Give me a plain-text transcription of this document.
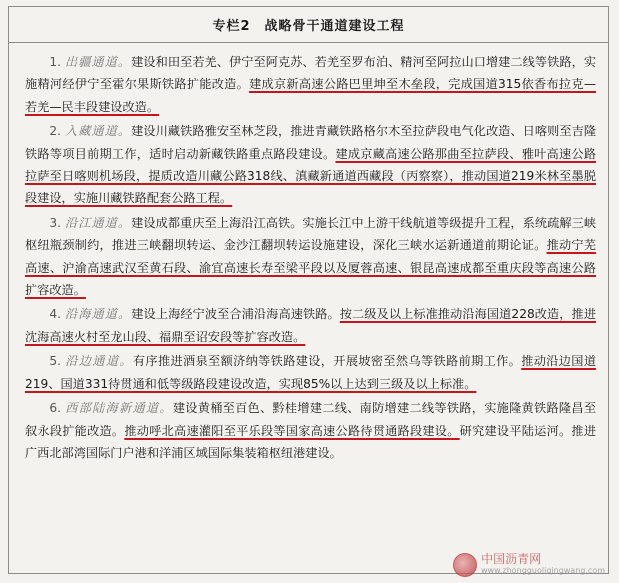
专栏2 战略骨干通道建设工程

1. 出疆通道。建设和田至若羌、伊宁至阿克苏、若羌至罗布泊、精河至阿拉山口增建二线等铁路，实施精河经伊宁至霍尔果斯铁路扩能改造。建成京新高速公路巴里坤至木垒段，完成国道315依香布拉克—若羌—民丰段建设改造。

2. 入藏通道。建设川藏铁路雅安至林芝段，推进青藏铁路格尔木至拉萨段电气化改造、日喀则至吉隆铁路等项目前期工作，适时启动新藏铁路重点路段建设。建成京藏高速公路那曲至拉萨段、雅叶高速公路拉萨至日喀则机场段，提质改造川藏公路318线、滇藏新通道西藏段（丙察察），推动国道219米林至墨脱段建设，实施川藏铁路配套公路工程。

3. 沿江通道。建设成都重庆至上海沿江高铁。实施长江中上游干线航道等级提升工程，系统疏解三峡枢纽瓶颈制约，推进三峡翻坝转运、金沙江翻坝转运设施建设，深化三峡水运新通道前期论证。推动宁芜高速、沪渝高速武汉至黄石段、渝宜高速长寿至梁平段以及厦蓉高速、银昆高速成都至重庆段等高速公路扩容改造。

4. 沿海通道。建设上海经宁波至合浦沿海高速铁路。按二级及以上标准推动沿海国道228改造，推进沈海高速火村至龙山段、福鼎至诏安段等扩容改造。

5. 沿边通道。有序推进酒泉至额济纳等铁路建设，开展坡密至然乌等铁路前期工作。推动沿边国道219、国道331待贯通和低等级路段建设改造，实现85%以上达到三级及以上标准。

6. 西部陆海新通道。建设黄桶至百色、黔桂增建二线、南防增建二线等铁路，实施隆黄铁路隆昌至叙永段扩能改造。推动呼北高速灌阳至平乐段等国家高速公路待贯通路段建设。研究建设平陆运河。推进广西北部湾国际门户港和洋浦区域国际集装箱枢纽港建设。

中国沥青网
www.zhongguoliqingwang.com
